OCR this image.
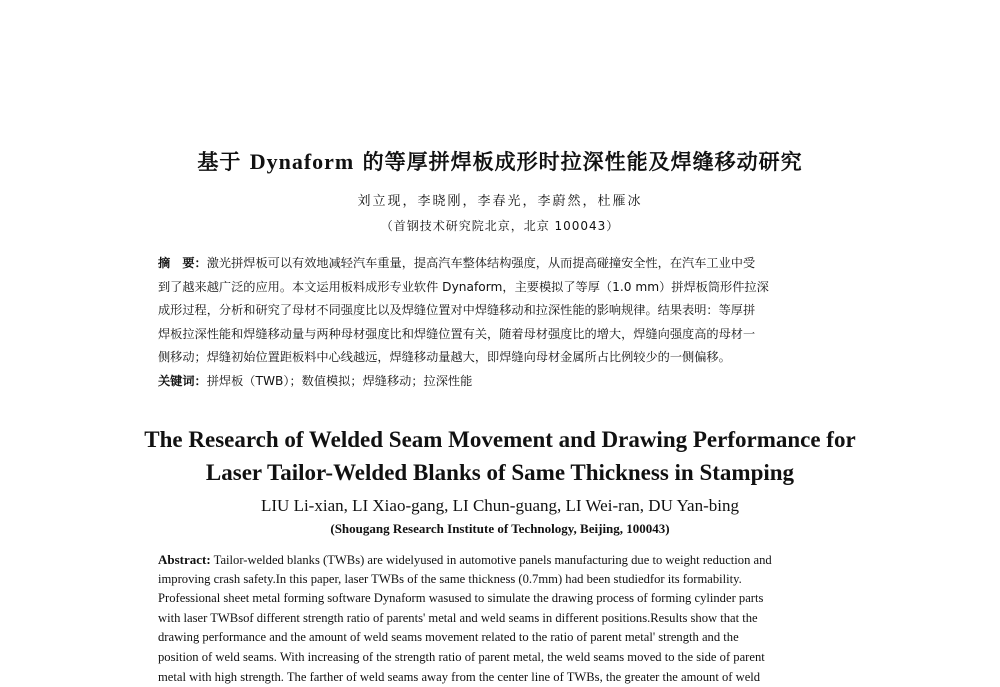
基于 Dynaform 的等厚拼焊板成形时拉深性能及焊缝移动研究
刘立现，李晓刚，李春光，李蔚然，杜雁冰
（首钢技术研究院北京，北京 100043）
摘　要：激光拼焊板可以有效地减轻汽车重量，提高汽车整体结构强度，从而提高碰撞安全性，在汽车工业中受
到了越来越广泛的应用。本文运用板料成形专业软件 Dynaform，主要模拟了等厚（1.0 mm）拼焊板筒形件拉深
成形过程，分析和研究了母材不同强度比以及焊缝位置对中焊缝移动和拉深性能的影响规律。结果表明：等厚拼
焊板拉深性能和焊缝移动量与两种母材强度比和焊缝位置有关，随着母材强度比的增大，焊缝向强度高的母材一
侧移动；焊缝初始位置距板料中心线越远，焊缝移动量越大，即焊缝向母材金属所占比例较少的一侧偏移。
关键词：拼焊板（TWB）；数值模拟；焊缝移动；拉深性能
The Research of Welded Seam Movement and Drawing Performance for
Laser Tailor-Welded Blanks of Same Thickness in Stamping
LIU Li-xian, LI Xiao-gang, LI Chun-guang, LI Wei-ran, DU Yan-bing
(Shougang Research Institute of Technology, Beijing, 100043)
Abstract: Tailor-welded blanks (TWBs) are widelyused in automotive panels manufacturing due to weight reduction and
improving crash safety.In this paper, laser TWBs of the same thickness (0.7mm) had been studiedfor its formability.
Professional sheet metal forming software Dynaform wasused to simulate the drawing process of forming cylinder parts
with laser TWBsof different strength ratio of parents' metal and weld seams in different positions.Results show that the
drawing performance and the amount of weld seams movement related to the ratio of parent metal' strength and the
position of weld seams. With increasing of the strength ratio of parent metal, the weld seams moved to the side of parent
metal with high strength. The farther of weld seams away from the center line of TWBs, the greater the amount of weld
